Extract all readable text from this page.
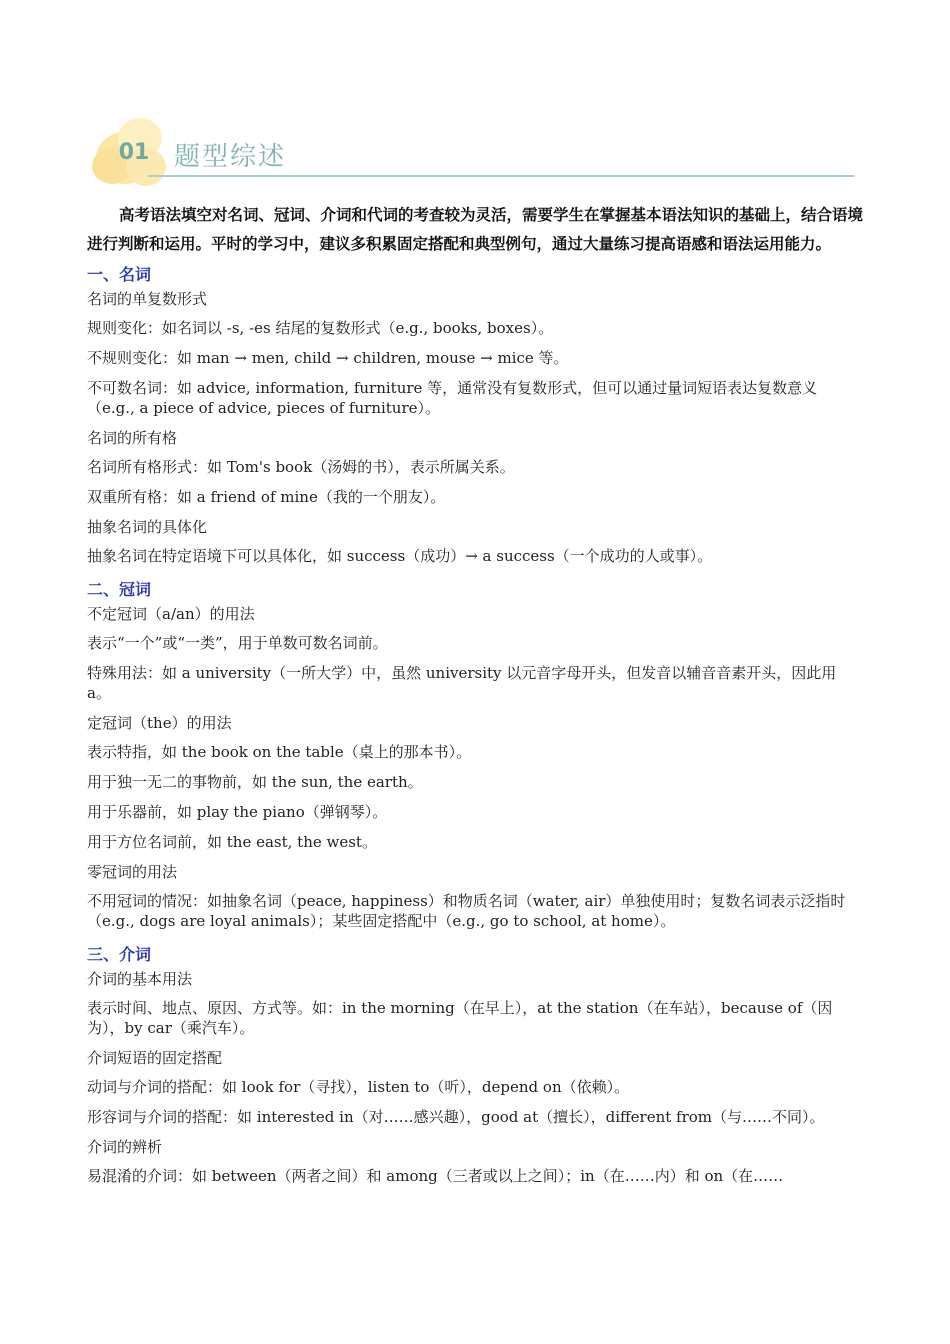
01 题型综述

高考语法填空对名词、冠词、介词和代词的考查较为灵活，需要学生在掌握基本语法知识的基础上，结合语境进行判断和运用。平时的学习中，建议多积累固定搭配和典型例句，通过大量练习提高语感和语法运用能力。

一、名词

名词的单复数形式

规则变化：如名词以 -s, -es 结尾的复数形式（e.g., books, boxes）。

不规则变化：如 man → men, child → children, mouse → mice 等。

不可数名词：如 advice, information, furniture 等，通常没有复数形式，但可以通过量词短语表达复数意义（e.g., a piece of advice, pieces of furniture）。

名词的所有格

名词所有格形式：如 Tom's book（汤姆的书），表示所属关系。

双重所有格：如 a friend of mine（我的一个朋友）。

抽象名词的具体化

抽象名词在特定语境下可以具体化，如 success（成功）→ a success（一个成功的人或事）。

二、冠词

不定冠词（a/an）的用法

表示“一个”或“一类”，用于单数可数名词前。

特殊用法：如 a university（一所大学）中，虽然 university 以元音字母开头，但发音以辅音音素开头，因此用 a。

定冠词（the）的用法

表示特指，如 the book on the table（桌上的那本书）。

用于独一无二的事物前，如 the sun, the earth。

用于乐器前，如 play the piano（弹钢琴）。

用于方位名词前，如 the east, the west。

零冠词的用法

不用冠词的情况：如抽象名词（peace, happiness）和物质名词（water, air）单独使用时；复数名词表示泛指时（e.g., dogs are loyal animals）；某些固定搭配中（e.g., go to school, at home）。

三、介词

介词的基本用法

表示时间、地点、原因、方式等。如：in the morning（在早上），at the station（在车站），because of（因为），by car（乘汽车）。

介词短语的固定搭配

动词与介词的搭配：如 look for（寻找），listen to（听），depend on（依赖）。

形容词与介词的搭配：如 interested in（对……感兴趣），good at（擅长），different from（与……不同）。

介词的辨析

易混淆的介词：如 between（两者之间）和 among（三者或以上之间）；in（在……内）和 on（在……
